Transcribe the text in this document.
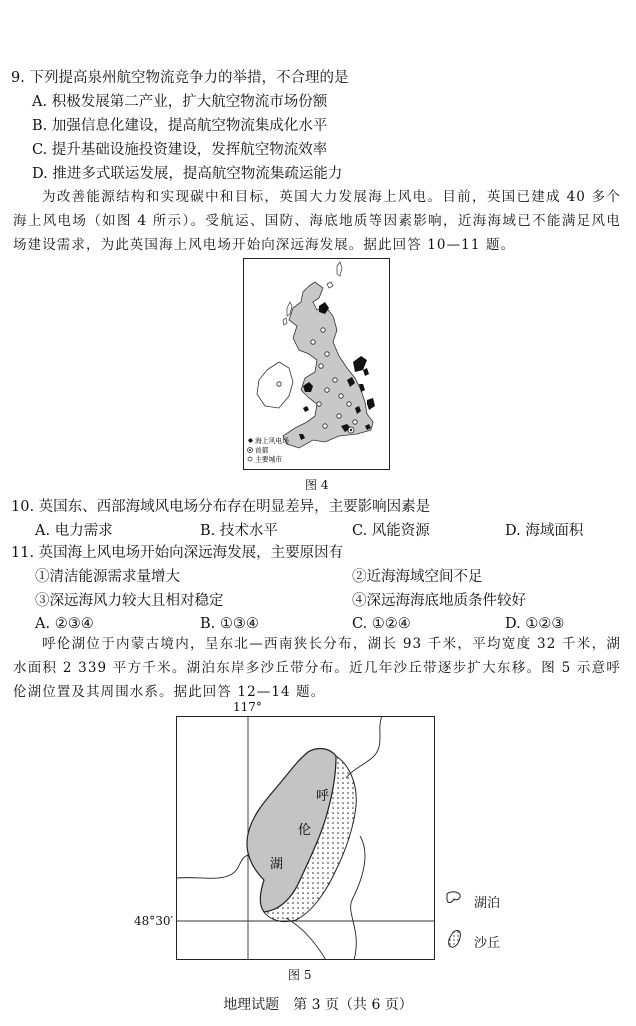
9. 下列提高泉州航空物流竞争力的举措，不合理的是
A. 积极发展第二产业，扩大航空物流市场份额
B. 加强信息化建设，提高航空物流集成化水平
C. 提升基础设施投资建设，发挥航空物流效率
D. 推进多式联运发展，提高航空物流集疏运能力
为改善能源结构和实现碳中和目标，英国大力发展海上风电。目前，英国已建成 40 多个海上风电场（如图 4 所示）。受航运、国防、海底地质等因素影响，近海海域已不能满足风电场建设需求，为此英国海上风电场开始向深远海发展。据此回答 10—11 题。
海上风电场
首都
主要城市
图 4
10. 英国东、西部海域风电场分布存在明显差异，主要影响因素是
A. 电力需求	B. 技术水平	C. 风能资源	D. 海域面积
11. 英国海上风电场开始向深远海发展，主要原因有
①清洁能源需求量增大	②近海海域空间不足
③深远海风力较大且相对稳定	④深远海海底地质条件较好
A. ②③④	B. ①③④	C. ①②④	D. ①②③
呼伦湖位于内蒙古境内，呈东北—西南狭长分布，湖长 93 千米，平均宽度 32 千米，湖水面积 2 339 平方千米。湖泊东岸多沙丘带分布。近几年沙丘带逐步扩大东移。图 5 示意呼伦湖位置及其周围水系。据此回答 12—14 题。
117°
呼
伦
湖
48°30′
湖泊
沙丘
图 5
地理试题　第 3 页（共 6 页）
